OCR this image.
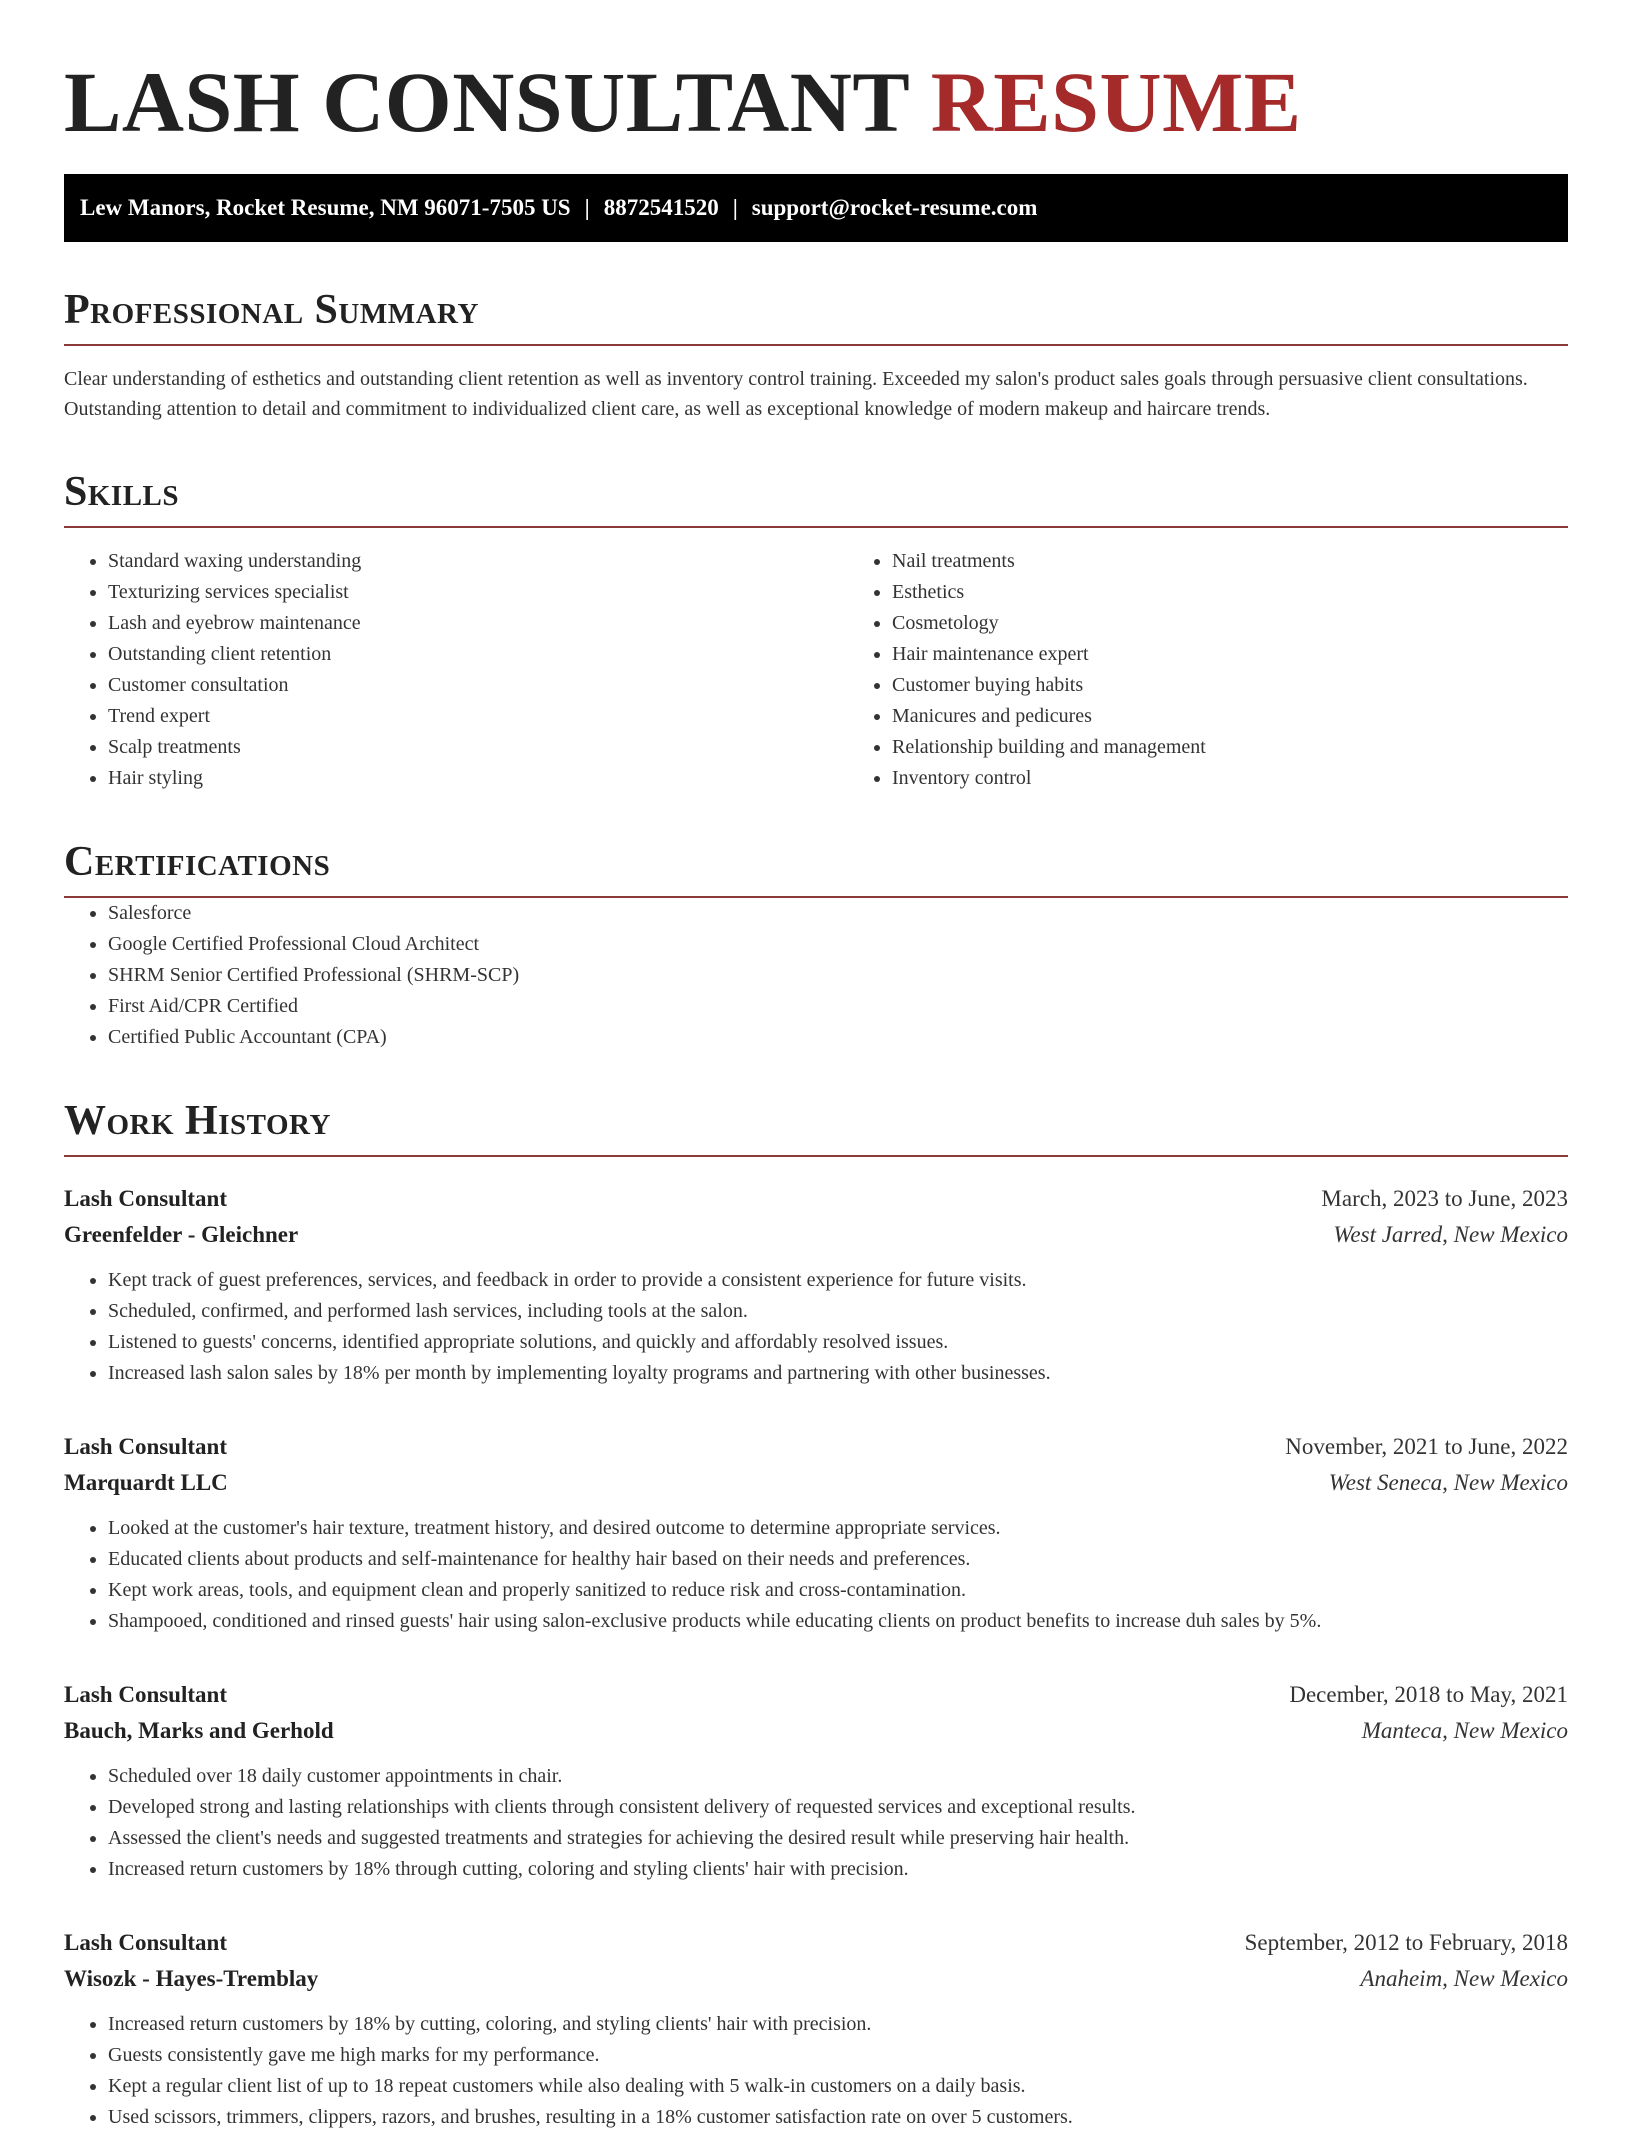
LASH CONSULTANT RESUME
Lew Manors, Rocket Resume, NM 96071-7505 US | 8872541520 | support@rocket-resume.com
Professional Summary

Clear understanding of esthetics and outstanding client retention as well as inventory control training. Exceeded my salon's product sales goals through persuasive client consultations. Outstanding attention to detail and commitment to individualized client care, as well as exceptional knowledge of modern makeup and haircare trends.

Skills
• Standard waxing understanding
• Texturizing services specialist
• Lash and eyebrow maintenance
• Outstanding client retention
• Customer consultation
• Trend expert
• Scalp treatments
• Hair styling
• Nail treatments
• Esthetics
• Cosmetology
• Hair maintenance expert
• Customer buying habits
• Manicures and pedicures
• Relationship building and management
• Inventory control
Certifications
• Salesforce
• Google Certified Professional Cloud Architect
• SHRM Senior Certified Professional (SHRM-SCP)
• First Aid/CPR Certified
• Certified Public Accountant (CPA)
Work History
Lash Consultant	March, 2023 to June, 2023
Greenfelder - Gleichner	West Jarred, New Mexico
• Kept track of guest preferences, services, and feedback in order to provide a consistent experience for future visits.
• Scheduled, confirmed, and performed lash services, including tools at the salon.
• Listened to guests' concerns, identified appropriate solutions, and quickly and affordably resolved issues.
• Increased lash salon sales by 18% per month by implementing loyalty programs and partnering with other businesses.
Lash Consultant	November, 2021 to June, 2022
Marquardt LLC	West Seneca, New Mexico
• Looked at the customer's hair texture, treatment history, and desired outcome to determine appropriate services.
• Educated clients about products and self-maintenance for healthy hair based on their needs and preferences.
• Kept work areas, tools, and equipment clean and properly sanitized to reduce risk and cross-contamination.
• Shampooed, conditioned and rinsed guests' hair using salon-exclusive products while educating clients on product benefits to increase duh sales by 5%.
Lash Consultant	December, 2018 to May, 2021
Bauch, Marks and Gerhold	Manteca, New Mexico
• Scheduled over 18 daily customer appointments in chair.
• Developed strong and lasting relationships with clients through consistent delivery of requested services and exceptional results.
• Assessed the client's needs and suggested treatments and strategies for achieving the desired result while preserving hair health.
• Increased return customers by 18% through cutting, coloring and styling clients' hair with precision.
Lash Consultant	September, 2012 to February, 2018
Wisozk - Hayes-Tremblay	Anaheim, New Mexico
• Increased return customers by 18% by cutting, coloring, and styling clients' hair with precision.
• Guests consistently gave me high marks for my performance.
• Kept a regular client list of up to 18 repeat customers while also dealing with 5 walk-in customers on a daily basis.
• Used scissors, trimmers, clippers, razors, and brushes, resulting in a 18% customer satisfaction rate on over 5 customers.
